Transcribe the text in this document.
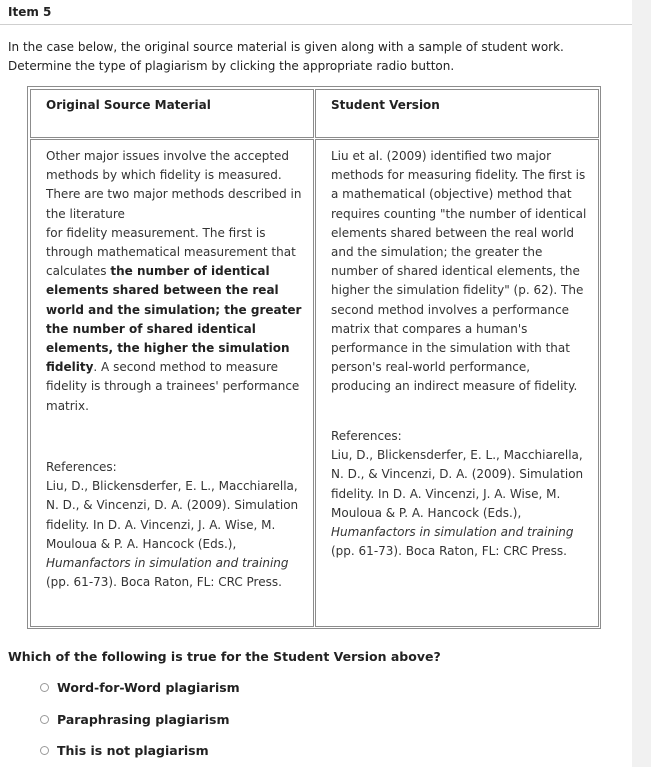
Item 5
In the case below, the original source material is given along with a sample of student work.
Determine the type of plagiarism by clicking the appropriate radio button.
Original Source Material	Student Version
Other major issues involve the accepted methods by which fidelity is measured. There are two major methods described in the literature
for fidelity measurement. The first is through mathematical measurement that calculates the number of identical elements shared between the real world and the simulation; the greater the number of shared identical elements, the higher the simulation fidelity. A second method to measure fidelity is through a trainees' performance matrix.
References:
Liu, D., Blickensderfer, E. L., Macchiarella, N. D., & Vincenzi, D. A. (2009). Simulation fidelity. In D. A. Vincenzi, J. A. Wise, M. Mouloua & P. A. Hancock (Eds.), Humanfactors in simulation and training (pp. 61-73). Boca Raton, FL: CRC Press.
Liu et al. (2009) identified two major methods for measuring fidelity. The first is a mathematical (objective) method that requires counting "the number of identical elements shared between the real world and the simulation; the greater the number of shared identical elements, the higher the simulation fidelity" (p. 62). The second method involves a performance matrix that compares a human's performance in the simulation with that person's real-world performance, producing an indirect measure of fidelity.
References:
Liu, D., Blickensderfer, E. L., Macchiarella, N. D., & Vincenzi, D. A. (2009). Simulation fidelity. In D. A. Vincenzi, J. A. Wise, M. Mouloua & P. A. Hancock (Eds.), Humanfactors in simulation and training (pp. 61-73). Boca Raton, FL: CRC Press.
Which of the following is true for the Student Version above?
Word-for-Word plagiarism
Paraphrasing plagiarism
This is not plagiarism
